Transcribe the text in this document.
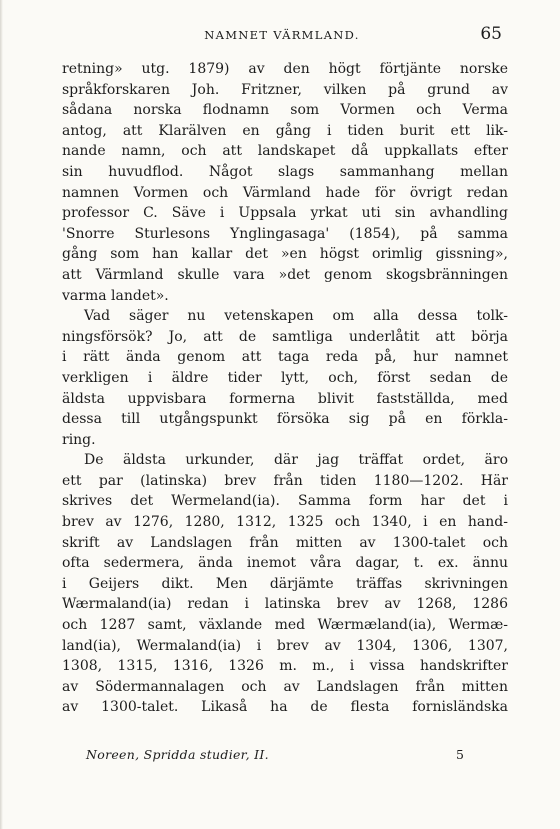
NAMNET VÄRMLAND.	65
retning» utg. 1879) av den högt förtjänte norske
språkforskaren Joh. Fritzner, vilken på grund av
sådana norska flodnamn som Vormen och Verma
antog, att Klarälven en gång i tiden burit ett lik-
nande namn, och att landskapet då uppkallats efter
sin huvudflod. Något slags sammanhang mellan
namnen Vormen och Värmland hade för övrigt redan
professor C. Säve i Uppsala yrkat uti sin avhandling
'Snorre Sturlesons Ynglingasaga' (1854), på samma
gång som han kallar det »en högst orimlig gissning»,
att Värmland skulle vara »det genom skogsbränningen
varma landet».
Vad säger nu vetenskapen om alla dessa tolk-
ningsförsök? Jo, att de samtliga underlåtit att börja
i rätt ända genom att taga reda på, hur namnet
verkligen i äldre tider lytt, och, först sedan de
äldsta uppvisbara formerna blivit fastställda, med
dessa till utgångspunkt försöka sig på en förkla-
ring.
De äldsta urkunder, där jag träffat ordet, äro
ett par (latinska) brev från tiden 1180—1202. Här
skrives det Wermeland(ia). Samma form har det i
brev av 1276, 1280, 1312, 1325 och 1340, i en hand-
skrift av Landslagen från mitten av 1300-talet och
ofta sedermera, ända inemot våra dagar, t. ex. ännu
i Geijers dikt. Men därjämte träffas skrivningen
Wærmaland(ia) redan i latinska brev av 1268, 1286
och 1287 samt, växlande med Wærmæland(ia), Wermæ-
land(ia), Wermaland(ia) i brev av 1304, 1306, 1307,
1308, 1315, 1316, 1326 m. m., i vissa handskrifter
av Södermannalagen och av Landslagen från mitten
av 1300-talet. Likaså ha de flesta fornisländska
Noreen, Spridda studier, II.	5
